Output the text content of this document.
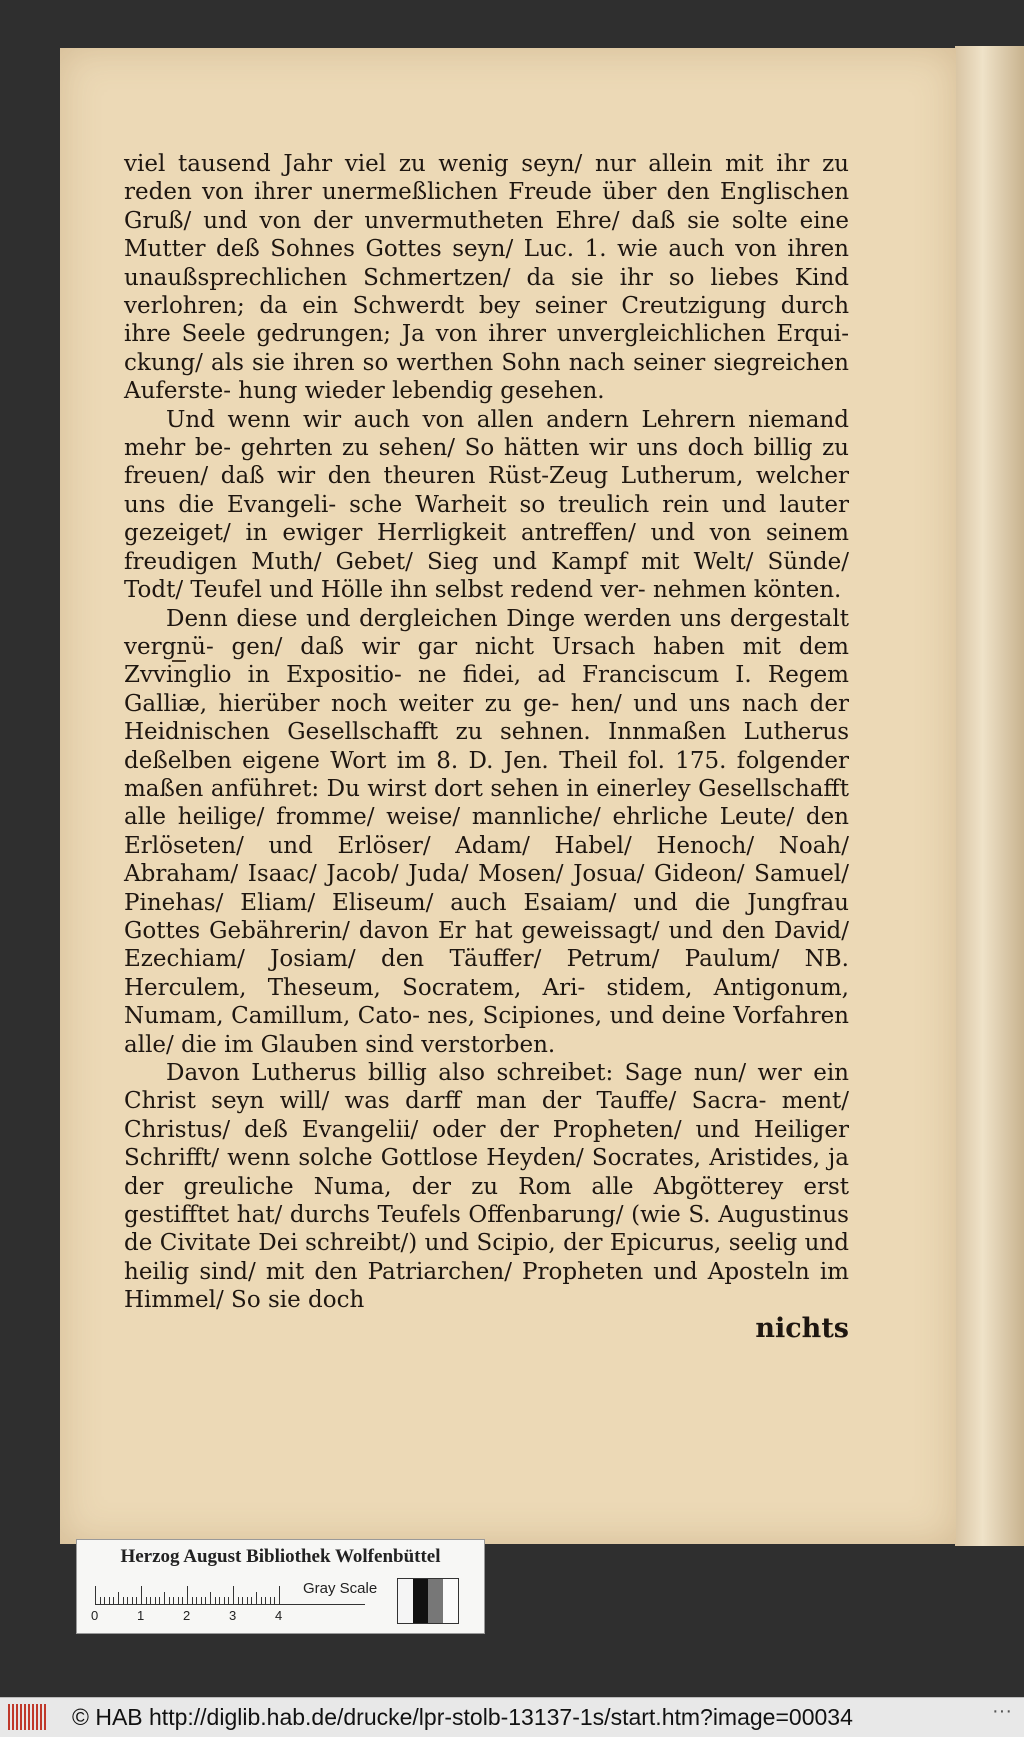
viel tausend Jahr viel zu wenig seyn/ nur allein mit ihr zu reden von ihrer unermeßlichen Freude über den Englischen Gruß/ und von der unvermutheten Ehre/ daß sie solte eine Mutter deß Sohnes Gottes seyn/ Luc. 1. wie auch von ihren unaußsprechlichen Schmertzen/ da sie ihr so liebes Kind verlohren; da ein Schwerdt bey seiner Creutzigung durch ihre Seele gedrungen; Ja von ihrer unvergleichlichen Erqui- ckung/ als sie ihren so werthen Sohn nach seiner siegreichen Auferste- hung wieder lebendig gesehen.

Und wenn wir auch von allen andern Lehrern niemand mehr be- gehrten zu sehen/ So hätten wir uns doch billig zu freuen/ daß wir den theuren Rüst-Zeug Lutherum, welcher uns die Evangeli- sche Warheit so treulich rein und lauter gezeiget/ in ewiger Herrligkeit antreffen/ und von seinem freudigen Muth/ Gebet/ Sieg und Kampf mit Welt/ Sünde/ Todt/ Teufel und Hölle ihn selbst redend ver- nehmen könten.

Denn diese und dergleichen Dinge werden uns dergestalt vergnü- gen/ daß wir gar nicht Ursach haben mit dem Zvvinglio in Expositio- ne fidei, ad Franciscum I. Regem Galliæ, hierüber noch weiter zu ge- hen/ und uns nach der Heidnischen Gesellschafft zu sehnen. Innmaßen Lutherus deßelben eigene Wort im 8. D. Jen. Theil fol. 175. folgender maßen anführet: Du wirst dort sehen in einerley Gesellschafft alle heilige/ fromme/ weise/ mannliche/ ehrliche Leute/ den Erlöseten/ und Erlöser/ Adam/ Habel/ Henoch/ Noah/ Abraham/ Isaac/ Jacob/ Juda/ Mosen/ Josua/ Gideon/ Samuel/ Pinehas/ Eliam/ Eliseum/ auch Esaiam/ und die Jungfrau Gottes Gebährerin/ davon Er hat geweissagt/ und den David/ Ezechiam/ Josiam/ den Täuffer/ Petrum/ Paulum/ NB. Herculem, Theseum, Socratem, Ari- stidem, Antigonum, Numam, Camillum, Cato- nes, Scipiones, und deine Vorfahren alle/ die im Glauben sind verstorben.

Davon Lutherus billig also schreibet: Sage nun/ wer ein Christ seyn will/ was darff man der Tauffe/ Sacra- ment/ Christus/ deß Evangelii/ oder der Propheten/ und Heiliger Schrifft/ wenn solche Gottlose Heyden/ Socrates, Aristides, ja der greuliche Numa, der zu Rom alle Abgötterey erst gestifftet hat/ durchs Teufels Offenbarung/ (wie S. Augustinus de Civitate Dei schreibt/) und Scipio, der Epicurus, seelig und heilig sind/ mit den Patriarchen/ Propheten und Aposteln im Himmel/ So sie doch

nichts

Herzog August Bibliothek Wolfenbüttel
0	1	2	3	4
Gray Scale
© HAB http://diglib.hab.de/drucke/lpr-stolb-13137-1s/start.htm?image=00034	···
